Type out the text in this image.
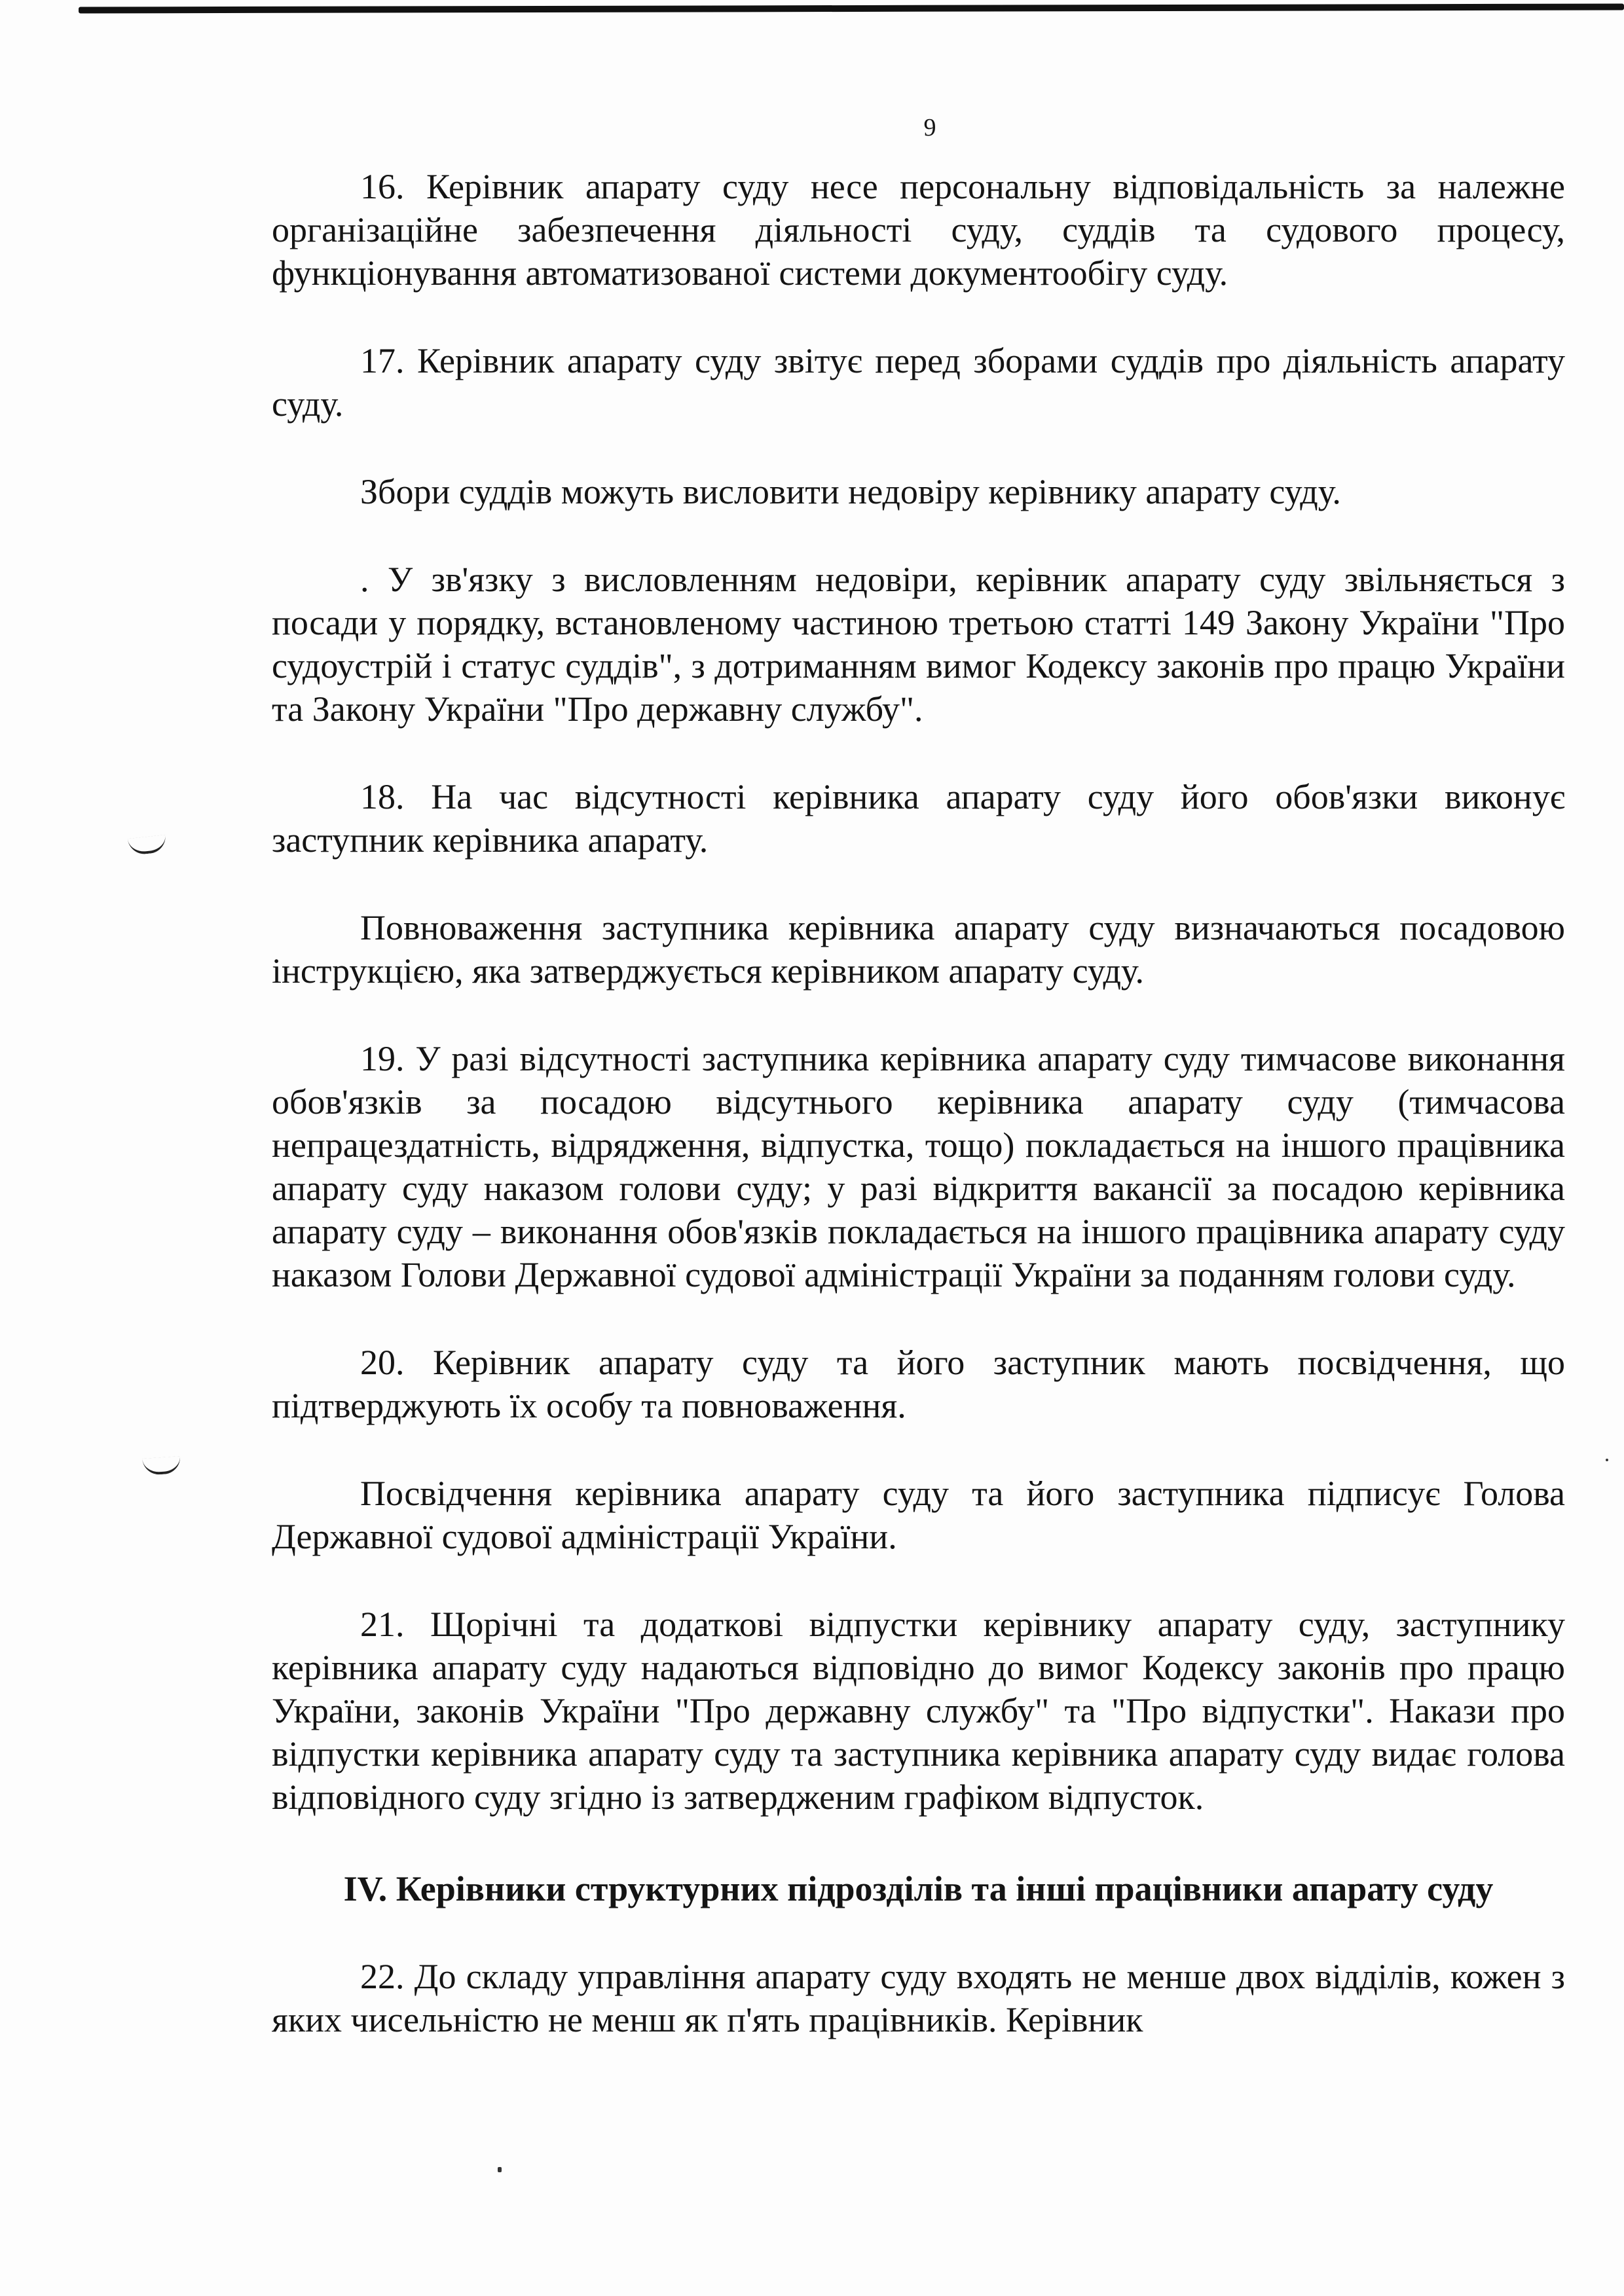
9

16. Керівник апарату суду несе персональну відповідальність за належне організаційне забезпечення діяльності суду, суддів та судового процесу, функціонування автоматизованої системи документообігу суду.

17. Керівник апарату суду звітує перед зборами суддів про діяльність апарату суду.

Збори суддів можуть висловити недовіру керівнику апарату суду.

. У зв'язку з висловленням недовіри, керівник апарату суду звільняється з посади у порядку, встановленому частиною третьою статті 149 Закону України "Про судоустрій і статус суддів", з дотриманням вимог Кодексу законів про працю України та Закону України "Про державну службу".

18. На час відсутності керівника апарату суду його обов'язки виконує заступник керівника апарату.

Повноваження заступника керівника апарату суду визначаються посадовою інструкцією, яка затверджується керівником апарату суду.

19. У разі відсутності заступника керівника апарату суду тимчасове виконання обов'язків за посадою відсутнього керівника апарату суду (тимчасова непрацездатність, відрядження, відпустка, тощо) покладається на іншого працівника апарату суду наказом голови суду; у разі відкриття вакансії за посадою керівника апарату суду – виконання обов'язків покладається на іншого працівника апарату суду наказом Голови Державної судової адміністрації України за поданням голови суду.

20. Керівник апарату суду та його заступник мають посвідчення, що підтверджують їх особу та повноваження.

Посвідчення керівника апарату суду та його заступника підписує Голова Державної судової адміністрації України.

21. Щорічні та додаткові відпустки керівнику апарату суду, заступнику керівника апарату суду надаються відповідно до вимог Кодексу законів про працю України, законів України "Про державну службу" та "Про відпустки". Накази про відпустки керівника апарату суду та заступника керівника апарату суду видає голова відповідного суду згідно із затвердженим графіком відпусток.

IV. Керівники структурних підрозділів та інші працівники апарату суду

22. До складу управління апарату суду входять не менше двох відділів, кожен з яких чисельністю не менш як п'ять працівників. Керівник
